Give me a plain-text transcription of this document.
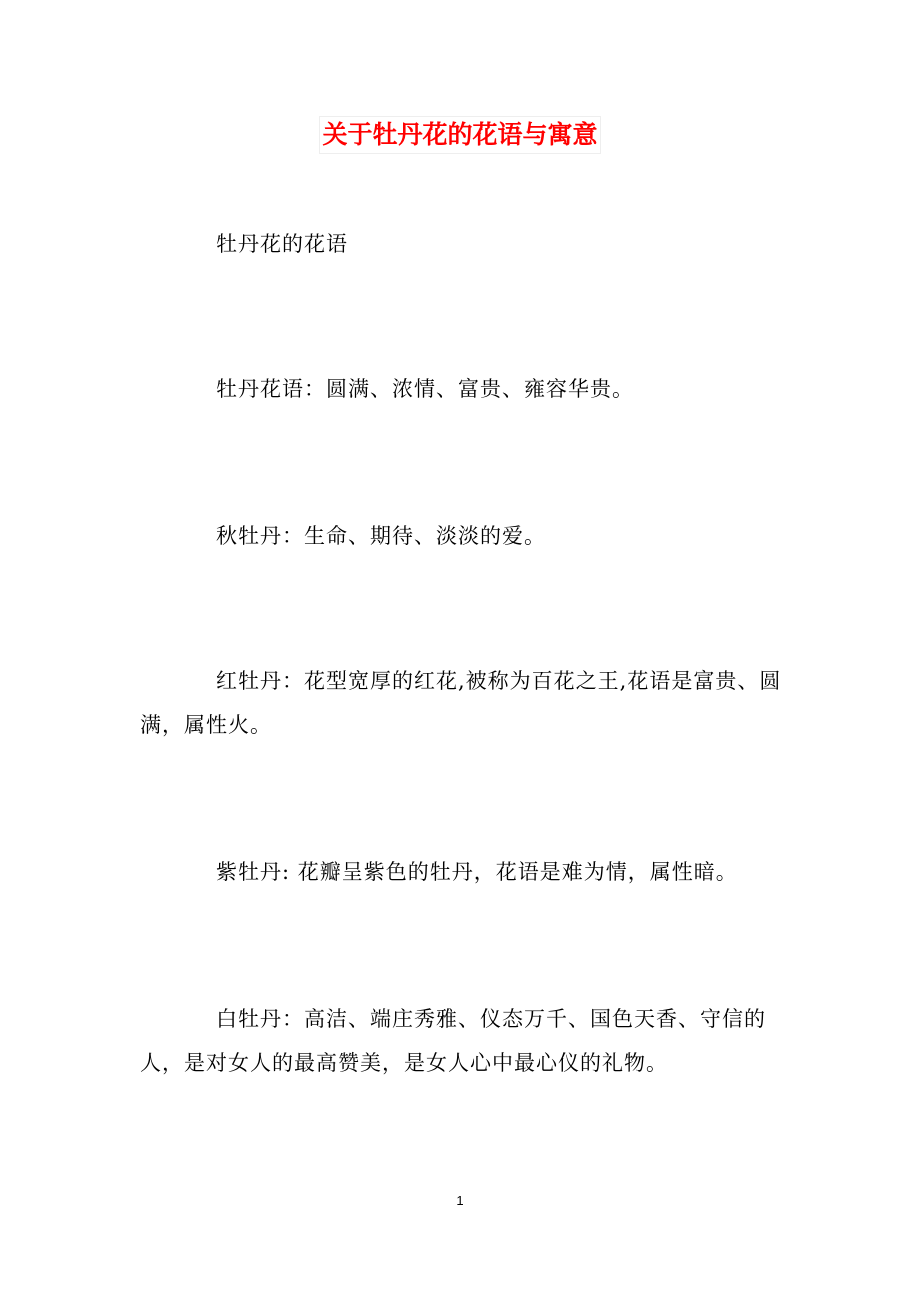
关于牡丹花的花语与寓意

牡丹花的花语

牡丹花语：圆满、浓情、富贵、雍容华贵。

秋牡丹：生命、期待、淡淡的爱。

红牡丹：花型宽厚的红花,被称为百花之王,花语是富贵、圆满，属性火。

紫牡丹: 花瓣呈紫色的牡丹，花语是难为情，属性暗。

白牡丹：高洁、端庄秀雅、仪态万千、国色天香、守信的人，是对女人的最高赞美，是女人心中最心仪的礼物。

1
